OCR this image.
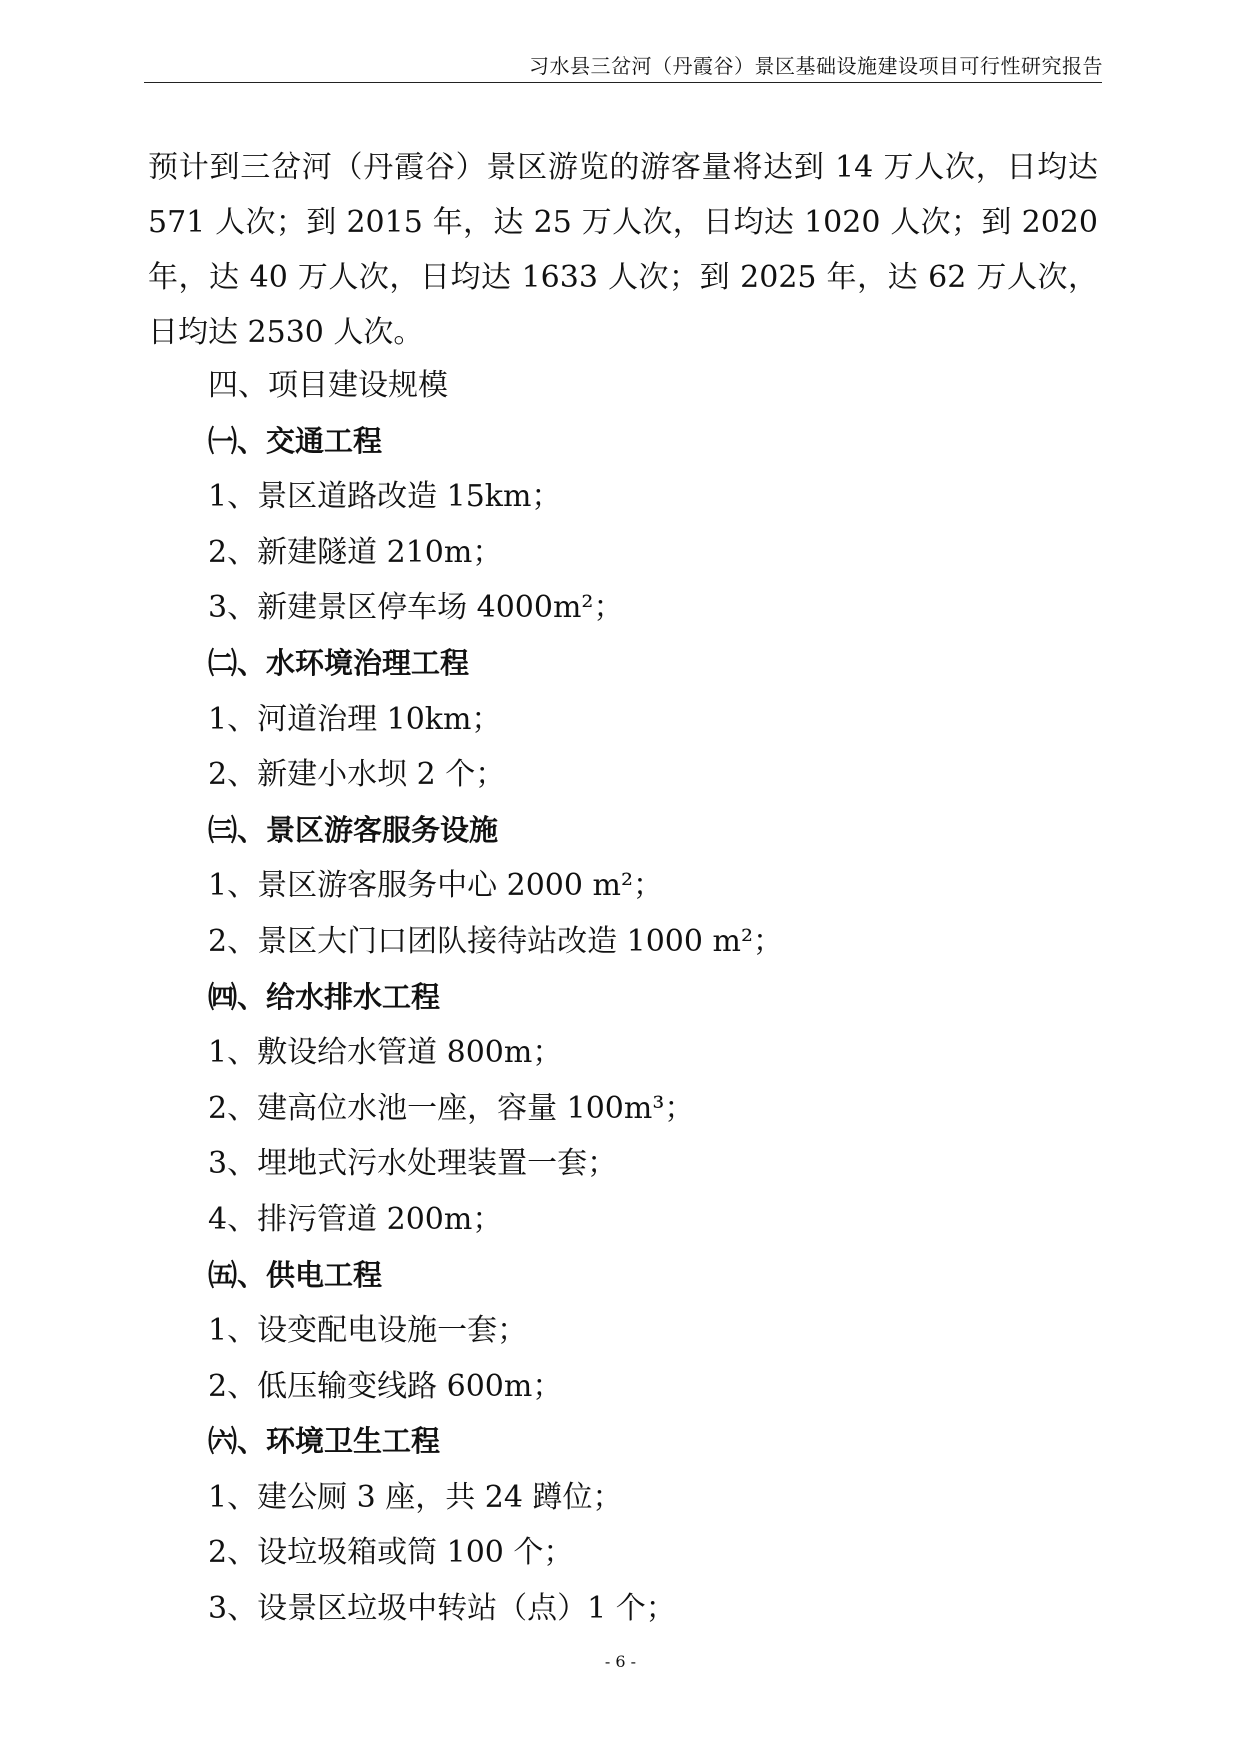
习水县三岔河（丹霞谷）景区基础设施建设项目可行性研究报告

预计到三岔河（丹霞谷）景区游览的游客量将达到 14 万人次，日均达 571 人次；到 2015 年，达 25 万人次，日均达 1020 人次；到 2020 年，达 40 万人次，日均达 1633 人次；到 2025 年，达 62 万人次，日均达 2530 人次。

四、项目建设规模
㈠、交通工程
1、景区道路改造 15km；
2、新建隧道 210m；
3、新建景区停车场 4000m²；
㈡、水环境治理工程
1、河道治理 10km；
2、新建小水坝 2 个；
㈢、景区游客服务设施
1、景区游客服务中心 2000 m²；
2、景区大门口团队接待站改造 1000 m²；
㈣、给水排水工程
1、敷设给水管道 800m；
2、建高位水池一座，容量 100m³；
3、埋地式污水处理装置一套；
4、排污管道 200m；
㈤、供电工程
1、设变配电设施一套；
2、低压输变线路 600m；
㈥、环境卫生工程
1、建公厕 3 座，共 24 蹲位；
2、设垃圾箱或筒 100 个；
3、设景区垃圾中转站（点）1 个；
- 6 -
